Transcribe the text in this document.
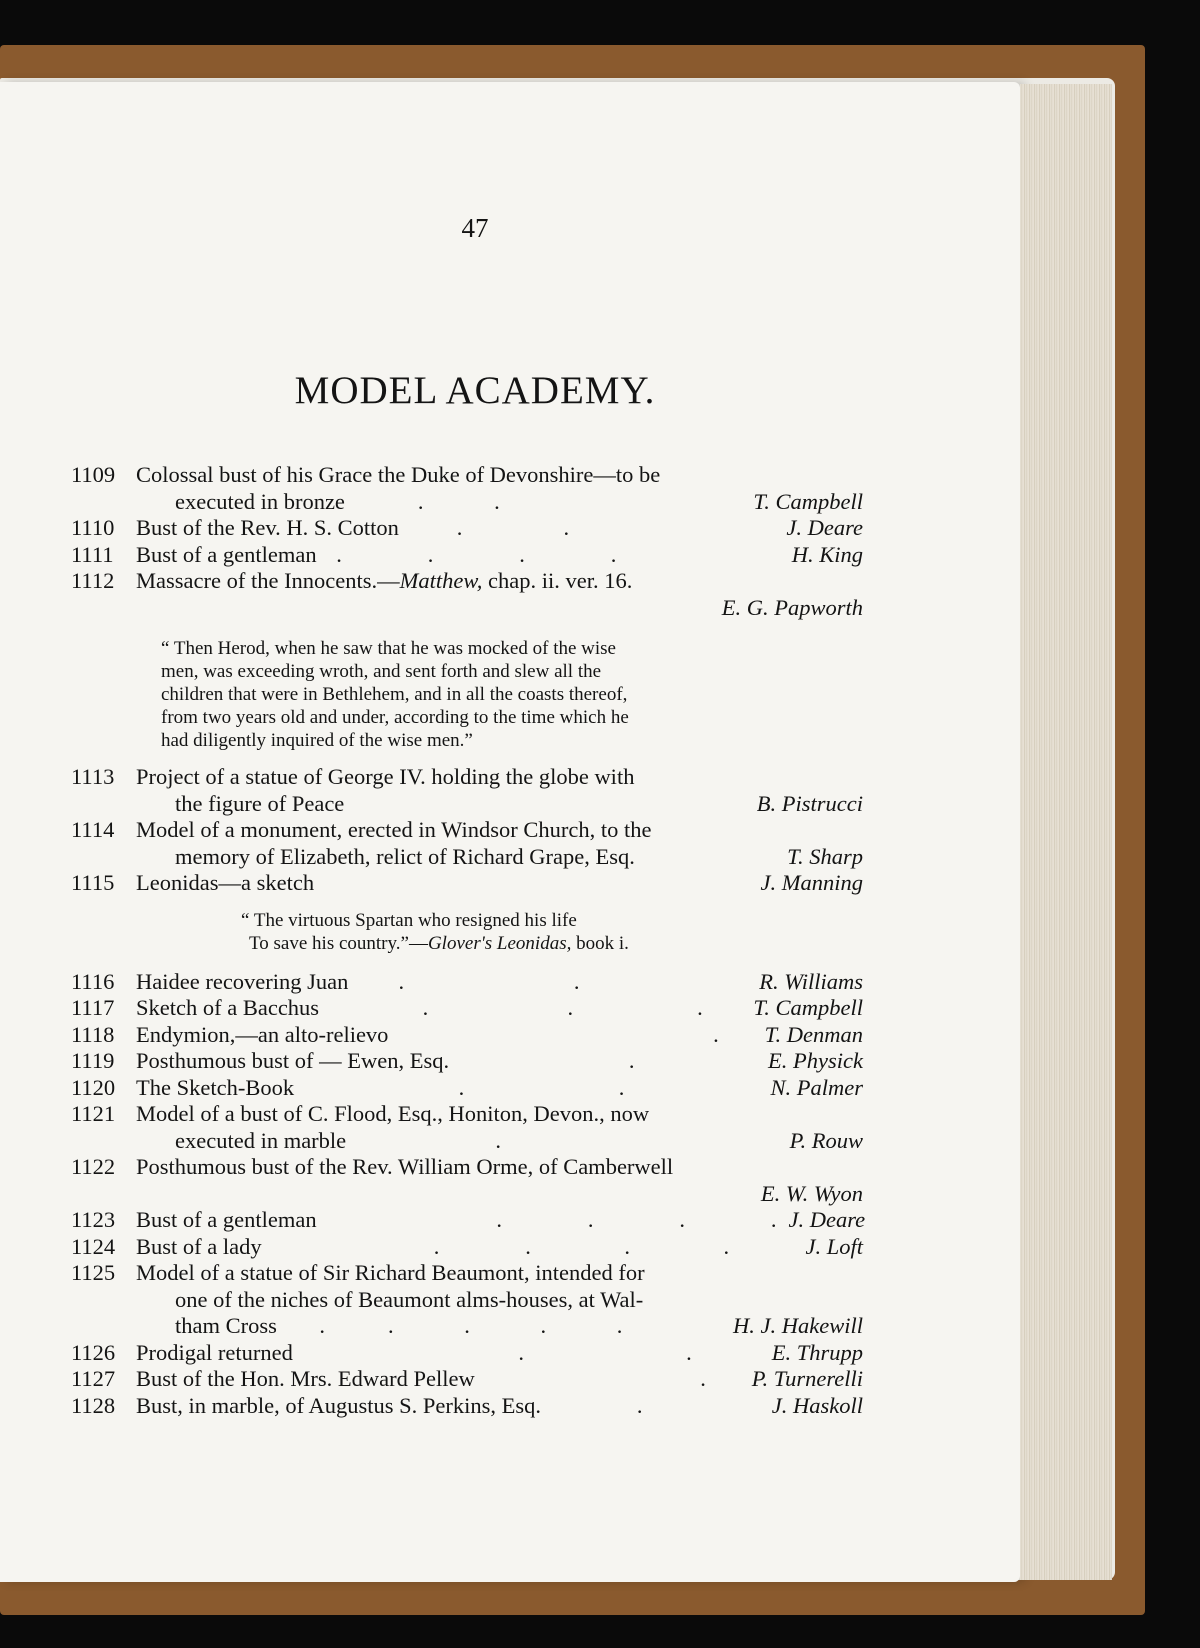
47
MODEL ACADEMY.
1109 Colossal bust of his Grace the Duke of Devonshire—to be
executed in bronze .         .	T. Campbell
1110 Bust of the Rev. H. S. Cotton .             .	J. Deare
1111	Bust of a gentleman .           .           .           .	H. King
1112 Massacre of the Innocents.—Matthew, chap. ii. ver. 16.
E. G. Papworth
“ Then Herod, when he saw that he was mocked of the wise
men, was exceeding wroth, and sent forth and slew all the
children that were in Bethlehem, and in all the coasts thereof,
from two years old and under, according to the time which he
had diligently inquired of the wise men.”
1113 Project of a statue of George IV. holding the globe with
the figure of Peace	B. Pistrucci
1114 Model of a monument, erected in Windsor Church, to the
memory of Elizabeth, relict of Richard Grape, Esq.	T. Sharp
1115 Leonidas—a sketch	J. Manning
“ The virtuous Spartan who resigned his life
To save his country.”—Glover's Leonidas, book i.
1116 Haidee recovering Juan .                      .	R. Williams
1117 Sketch of a Bacchus .                  .                .	T. Campbell
1118 Endymion,—an alto-relievo .	T. Denman
1119 Posthumous bust of — Ewen, Esq. .	E. Physick
1120 The Sketch-Book .                    .	N. Palmer
1121 Model of a bust of C. Flood, Esq., Honiton, Devon., now
executed in marble .	P. Rouw
1122 Posthumous bust of the Rev. William Orme, of Camberwell
E. W. Wyon
1123 Bust of a gentleman .           .           .           . J. Deare
1124 Bust of a lady .           .            .            .	J. Loft
1125 Model of a statue of Sir Richard Beaumont, intended for
one of the niches of Beaumont alms-houses, at Wal-
tham Cross .        .         .         .         .	H. J. Hakewill
1126 Prodigal returned .                     .	E. Thrupp
1127 Bust of the Hon. Mrs. Edward Pellew .	P. Turnerelli
1128 Bust, in marble, of Augustus S. Perkins, Esq. .	J. Haskoll
